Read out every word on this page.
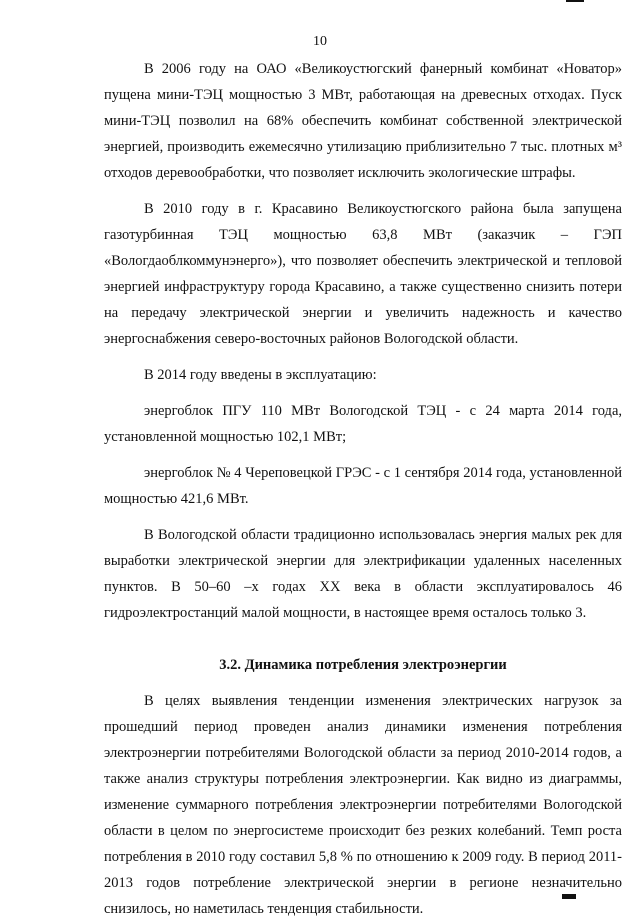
10

В 2006 году на ОАО «Великоустюгский фанерный комбинат «Новатор» пущена мини-ТЭЦ мощностью 3 МВт, работающая на древесных отходах. Пуск мини-ТЭЦ позволил на 68% обеспечить комбинат собственной электрической энергией, производить ежемесячно утилизацию приблизительно 7 тыс. плотных м³ отходов деревообработки, что позволяет исключить экологические штрафы.

В 2010 году в г. Красавино Великоустюгского района была запущена газотурбинная ТЭЦ мощностью 63,8 МВт (заказчик – ГЭП «Вологдаоблкоммунэнерго»), что позволяет обеспечить электрической и тепловой энергией инфраструктуру города Красавино, а также существенно снизить потери на передачу электрической энергии и увеличить надежность и качество энергоснабжения северо-восточных районов Вологодской области.

В 2014 году введены в эксплуатацию:

энергоблок ПГУ 110 МВт Вологодской ТЭЦ - с 24 марта 2014 года, установленной мощностью 102,1 МВт;

энергоблок № 4 Череповецкой ГРЭС - с 1 сентября 2014 года, установленной мощностью 421,6 МВт.

В Вологодской области традиционно использовалась энергия малых рек для выработки электрической энергии для электрификации удаленных населенных пунктов. В 50–60 –х годах XX века в области эксплуатировалось 46 гидроэлектростанций малой мощности, в настоящее время осталось только 3.

3.2. Динамика потребления электроэнергии

В целях выявления тенденции изменения электрических нагрузок за прошедший период проведен анализ динамики изменения потребления электроэнергии потребителями Вологодской области за период 2010-2014 годов, а также анализ структуры потребления электроэнергии. Как видно из диаграммы, изменение суммарного потребления электроэнергии потребителями Вологодской области в целом по энергосистеме происходит без резких колебаний. Темп роста потребления в 2010 году составил 5,8 % по отношению к 2009 году. В период 2011-2013 годов потребление электрической энергии в регионе незначительно снизилось, но наметилась тенденция стабильности.
